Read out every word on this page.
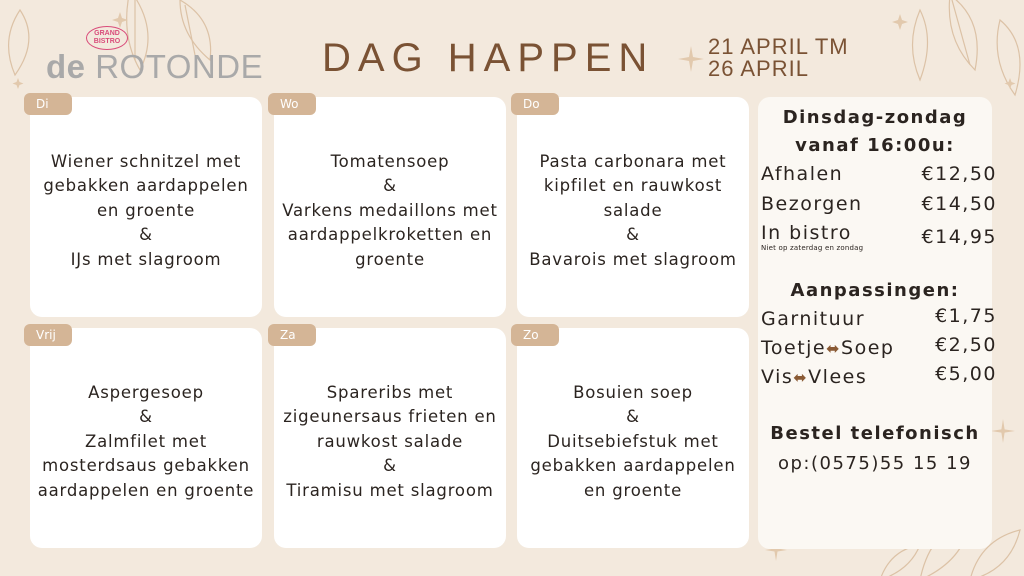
GRAND
BISTRO
de ROTONDE DAG HAPPEN 21 APRIL TM
26 APRIL
Di
Wiener schnitzel met
gebakken aardappelen
en groente
&
IJs met slagroom
Wo
Tomatensoep
&
Varkens medaillons met
aardappelkroketten en
groente
Do
Pasta carbonara met
kipfilet en rauwkost
salade
&
Bavarois met slagroom
Vrij
Aspergesoep
&
Zalmfilet met
mosterdsaus gebakken
aardappelen en groente
Za
Spareribs met
zigeunersaus frieten en
rauwkost salade
&
Tiramisu met slagroom
Zo
Bosuien soep
&
Duitsebiefstuk met
gebakken aardappelen
en groente
Dinsdag-zondag
vanaf 16:00u:
Afhalen	€12,50
Bezorgen	€14,50
In bistro	€14,95
Niet op zaterdag en zondag
Aanpassingen:
Garnituur	€1,75
Toetje⬌Soep €2,50
Vis⬌Vlees	€5,00
Bestel telefonisch
op:(0575)55 15 19
